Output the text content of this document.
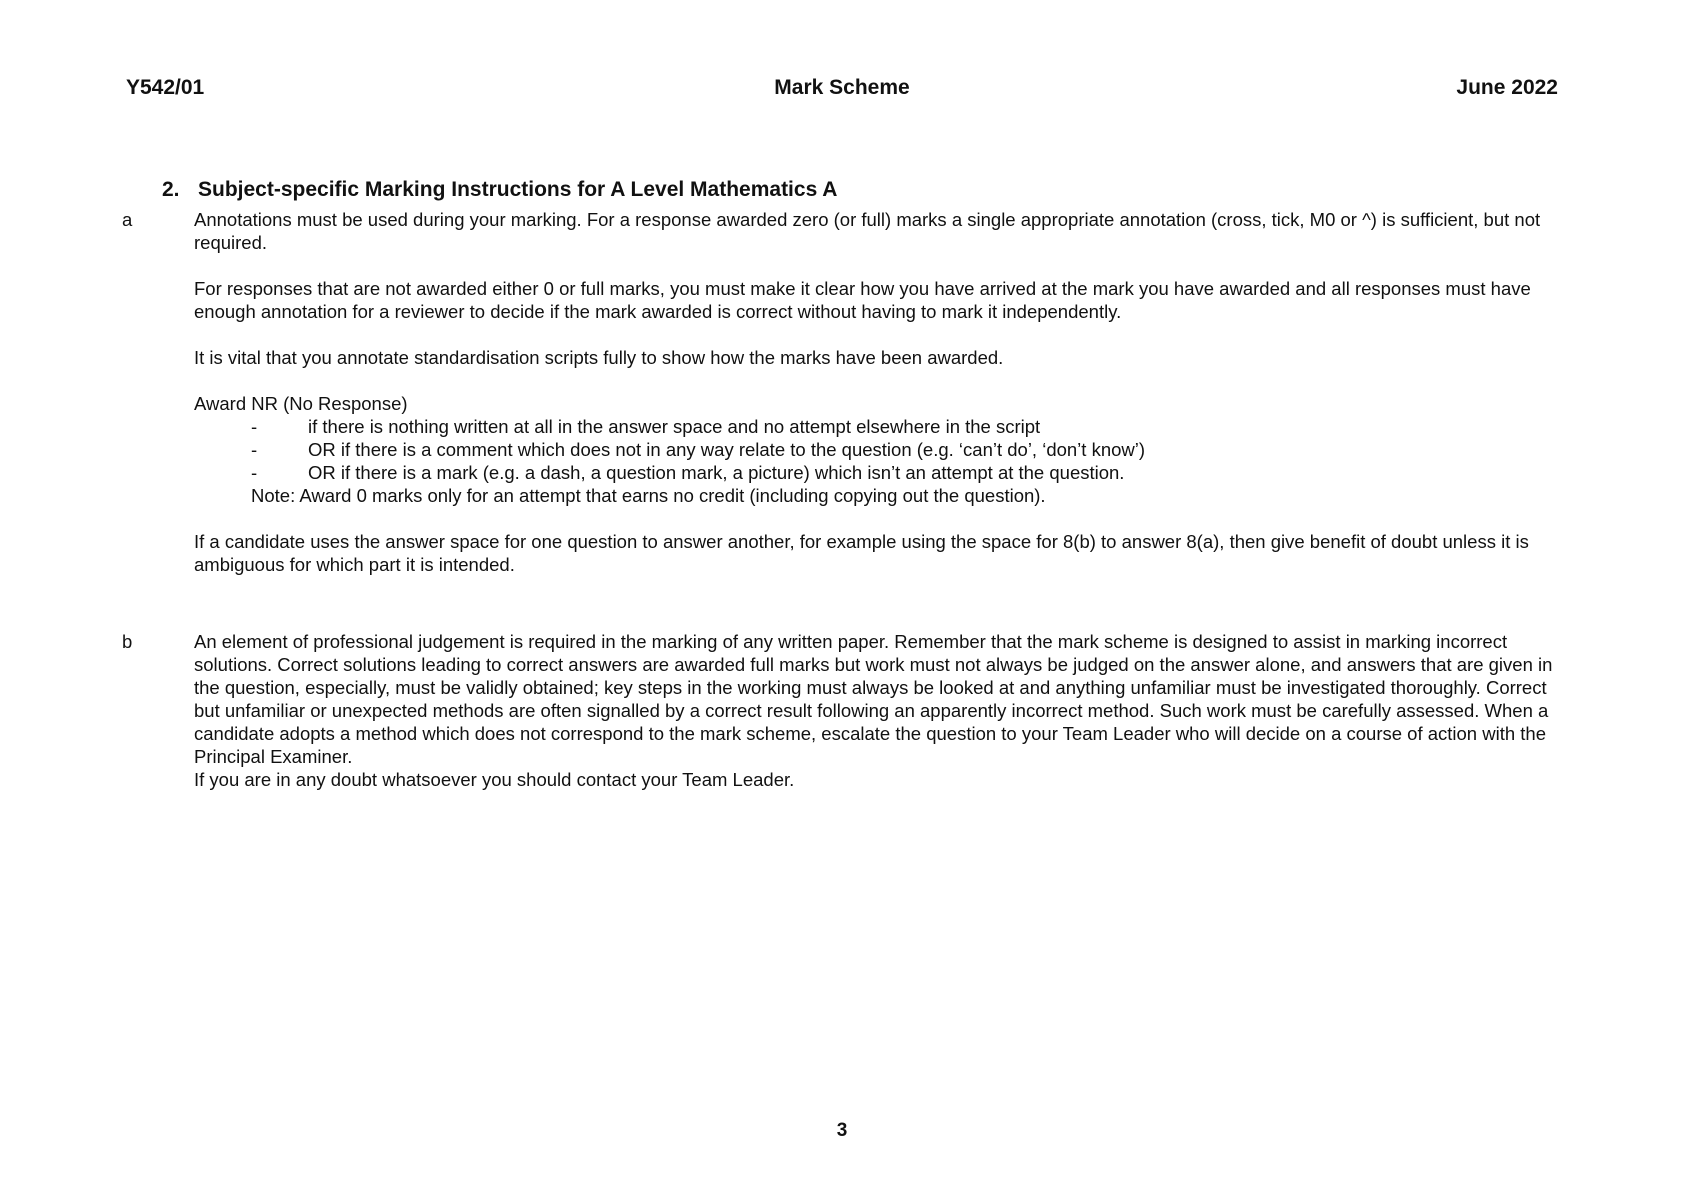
Y542/01	Mark Scheme	June 2022
2. Subject-specific Marking Instructions for A Level Mathematics A
a	Annotations must be used during your marking. For a response awarded zero (or full) marks a single appropriate annotation (cross, tick, M0 or ^) is sufficient, but not required.

For responses that are not awarded either 0 or full marks, you must make it clear how you have arrived at the mark you have awarded and all responses must have enough annotation for a reviewer to decide if the mark awarded is correct without having to mark it independently.

It is vital that you annotate standardisation scripts fully to show how the marks have been awarded.

Award NR (No Response)
-	if there is nothing written at all in the answer space and no attempt elsewhere in the script
-	OR if there is a comment which does not in any way relate to the question (e.g. ‘can’t do’, ‘don’t know’)
-	OR if there is a mark (e.g. a dash, a question mark, a picture) which isn’t an attempt at the question.
Note: Award 0 marks only for an attempt that earns no credit (including copying out the question).

If a candidate uses the answer space for one question to answer another, for example using the space for 8(b) to answer 8(a), then give benefit of doubt unless it is ambiguous for which part it is intended.

b	An element of professional judgement is required in the marking of any written paper. Remember that the mark scheme is designed to assist in marking incorrect solutions. Correct solutions leading to correct answers are awarded full marks but work must not always be judged on the answer alone, and answers that are given in the question, especially, must be validly obtained; key steps in the working must always be looked at and anything unfamiliar must be investigated thoroughly. Correct but unfamiliar or unexpected methods are often signalled by a correct result following an apparently incorrect method. Such work must be carefully assessed. When a candidate adopts a method which does not correspond to the mark scheme, escalate the question to your Team Leader who will decide on a course of action with the Principal Examiner.
If you are in any doubt whatsoever you should contact your Team Leader.
3
